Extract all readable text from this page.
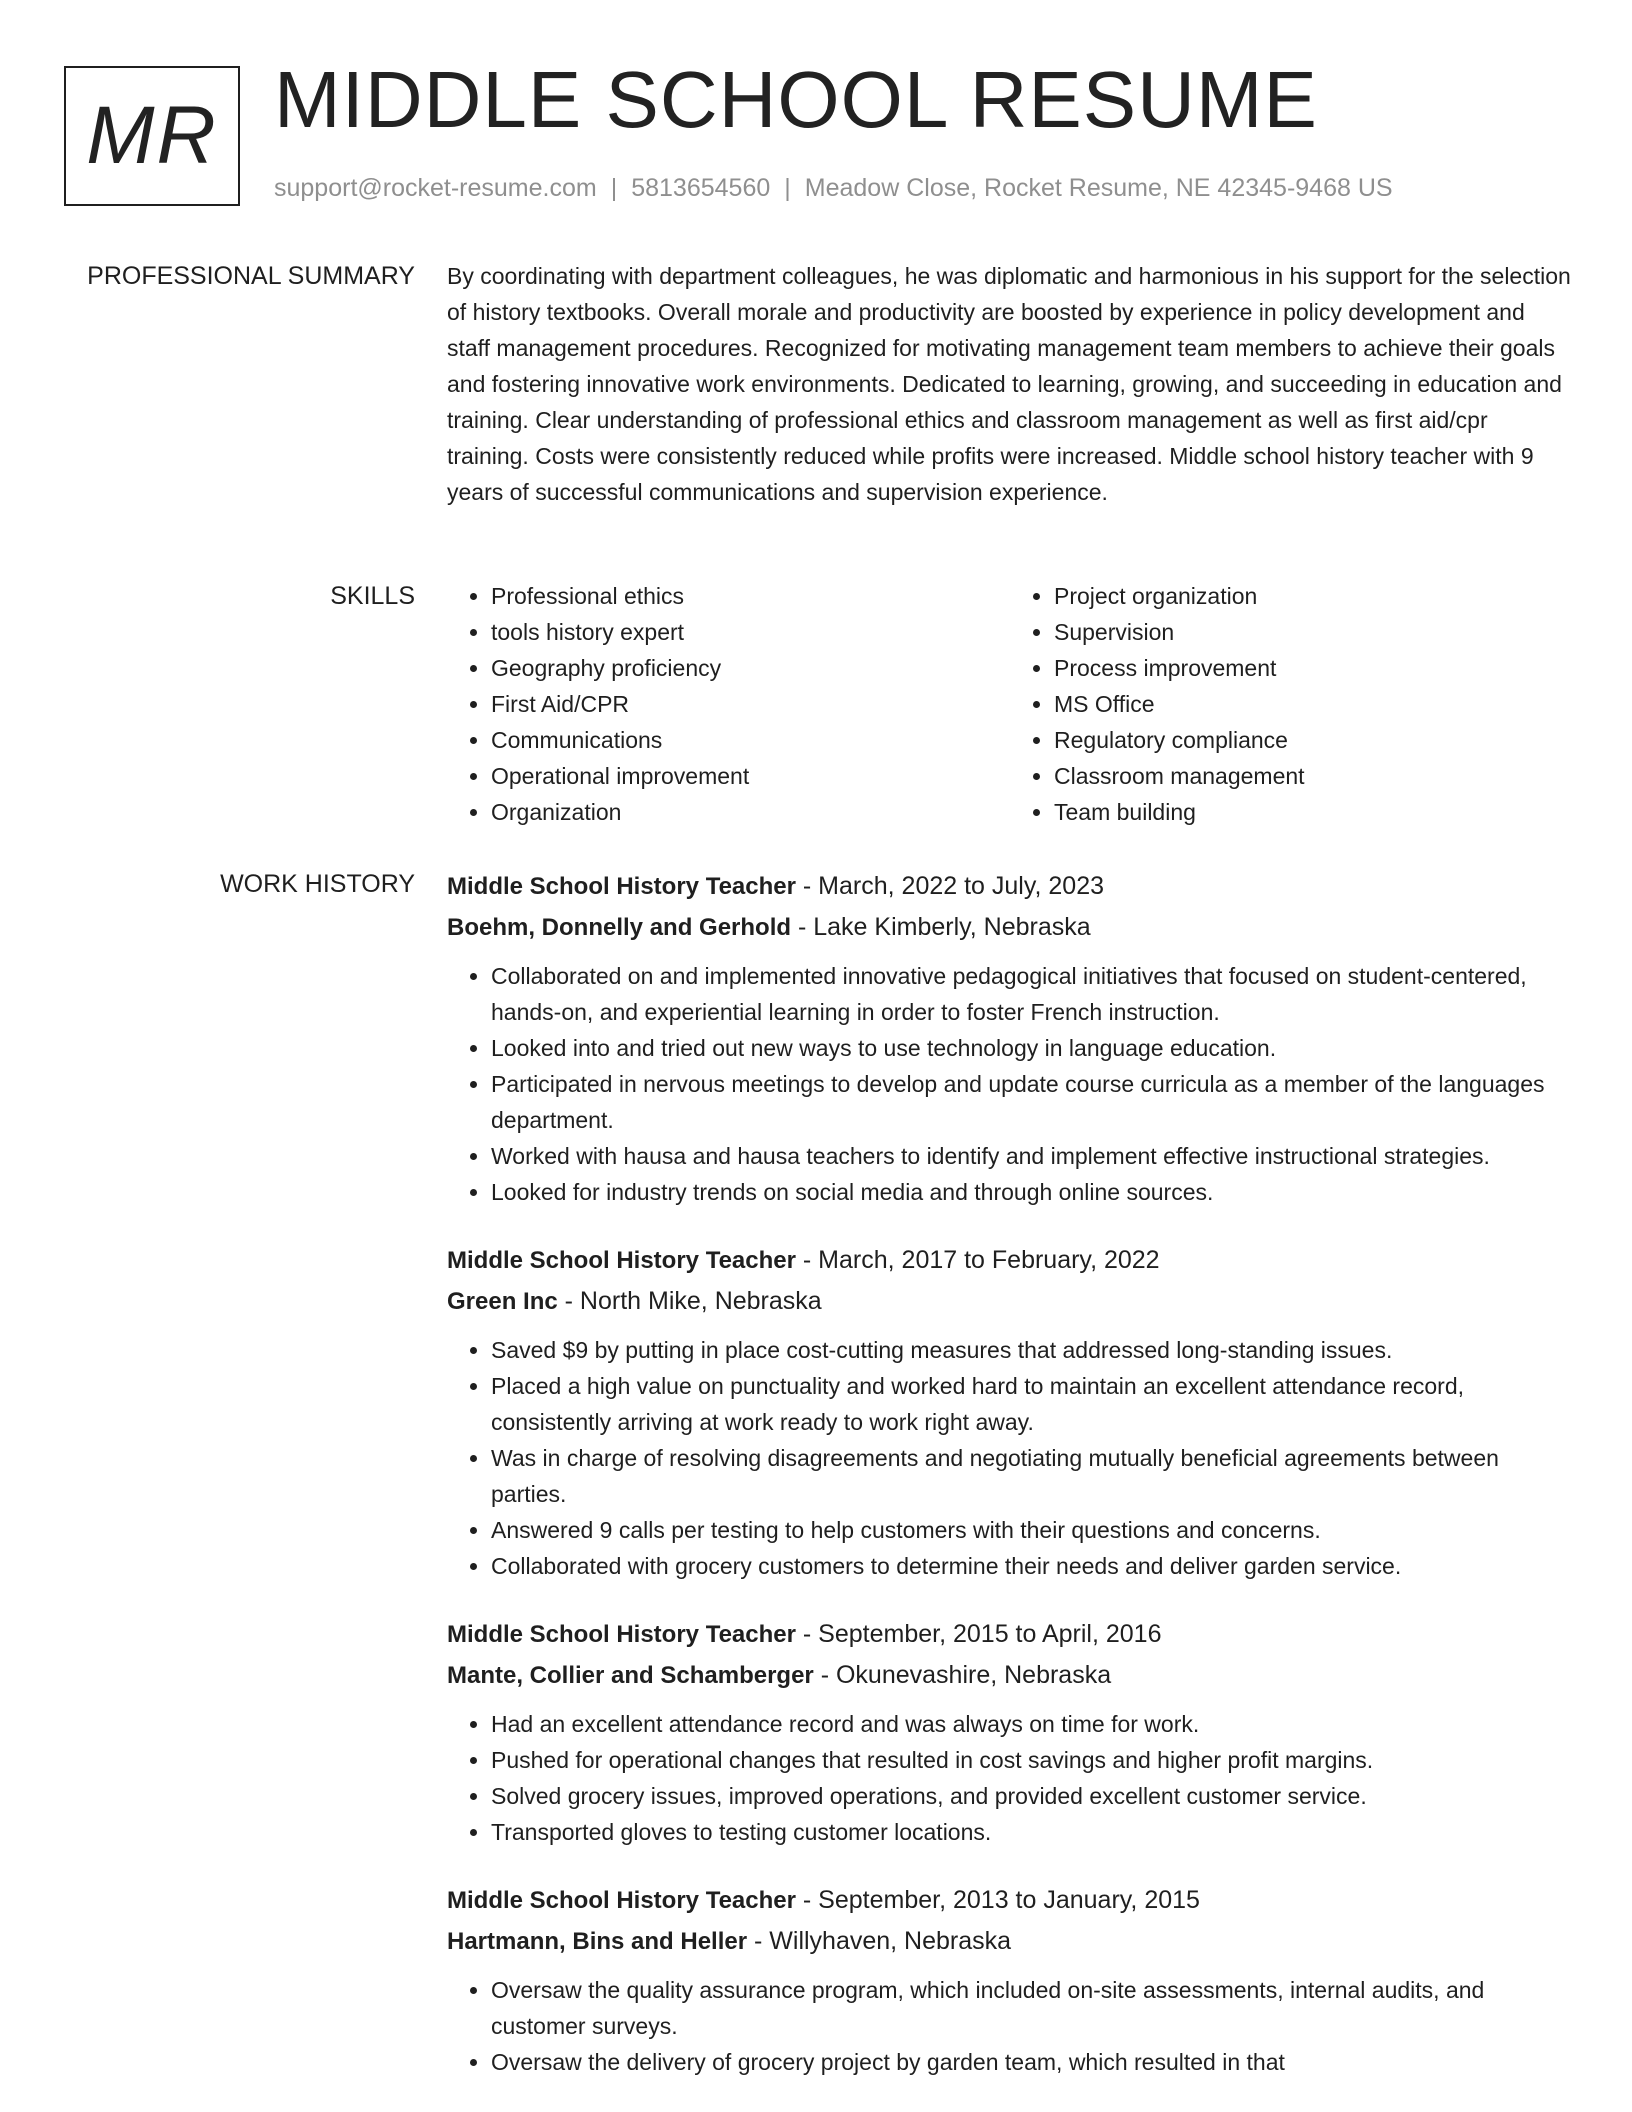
MR MIDDLE SCHOOL RESUME
support@rocket-resume.com | 5813654560 | Meadow Close, Rocket Resume, NE 42345-9468 US
PROFESSIONAL SUMMARY By coordinating with department colleagues, he was diplomatic and harmonious in his support for the selection of history textbooks. Overall morale and productivity are boosted by experience in policy development and staff management procedures. Recognized for motivating management team members to achieve their goals and fostering innovative work environments. Dedicated to learning, growing, and succeeding in education and training. Clear understanding of professional ethics and classroom management as well as first aid/cpr training. Costs were consistently reduced while profits were increased. Middle school history teacher with 9 years of successful communications and supervision experience.
SKILLS
•	Professional ethics
• tools history expert
• Geography proficiency
• First Aid/CPR
• Communications
• Operational improvement
• Organization
• Project organization
• Supervision
• Process improvement
• MS Office
• Regulatory compliance
• Classroom management
• Team building
WORK HISTORY Middle School History Teacher - March, 2022 to July, 2023
Boehm, Donnelly and Gerhold - Lake Kimberly, Nebraska
• Collaborated on and implemented innovative pedagogical initiatives that focused on student-centered, hands-on, and experiential learning in order to foster French instruction.
• Looked into and tried out new ways to use technology in language education.
• Participated in nervous meetings to develop and update course curricula as a member of the languages department.
• Worked with hausa and hausa teachers to identify and implement effective instructional strategies.
• Looked for industry trends on social media and through online sources.
Middle School History Teacher - March, 2017 to February, 2022
Green Inc - North Mike, Nebraska
• Saved $9 by putting in place cost-cutting measures that addressed long-standing issues.
• Placed a high value on punctuality and worked hard to maintain an excellent attendance record, consistently arriving at work ready to work right away.
• Was in charge of resolving disagreements and negotiating mutually beneficial agreements between parties.
• Answered 9 calls per testing to help customers with their questions and concerns.
• Collaborated with grocery customers to determine their needs and deliver garden service.
Middle School History Teacher - September, 2015 to April, 2016
Mante, Collier and Schamberger - Okunevashire, Nebraska
• Had an excellent attendance record and was always on time for work.
• Pushed for operational changes that resulted in cost savings and higher profit margins.
• Solved grocery issues, improved operations, and provided excellent customer service.
• Transported gloves to testing customer locations.
Middle School History Teacher - September, 2013 to January, 2015
Hartmann, Bins and Heller - Willyhaven, Nebraska
• Oversaw the quality assurance program, which included on-site assessments, internal audits, and customer surveys.
• Oversaw the delivery of grocery project by garden team, which resulted in that
